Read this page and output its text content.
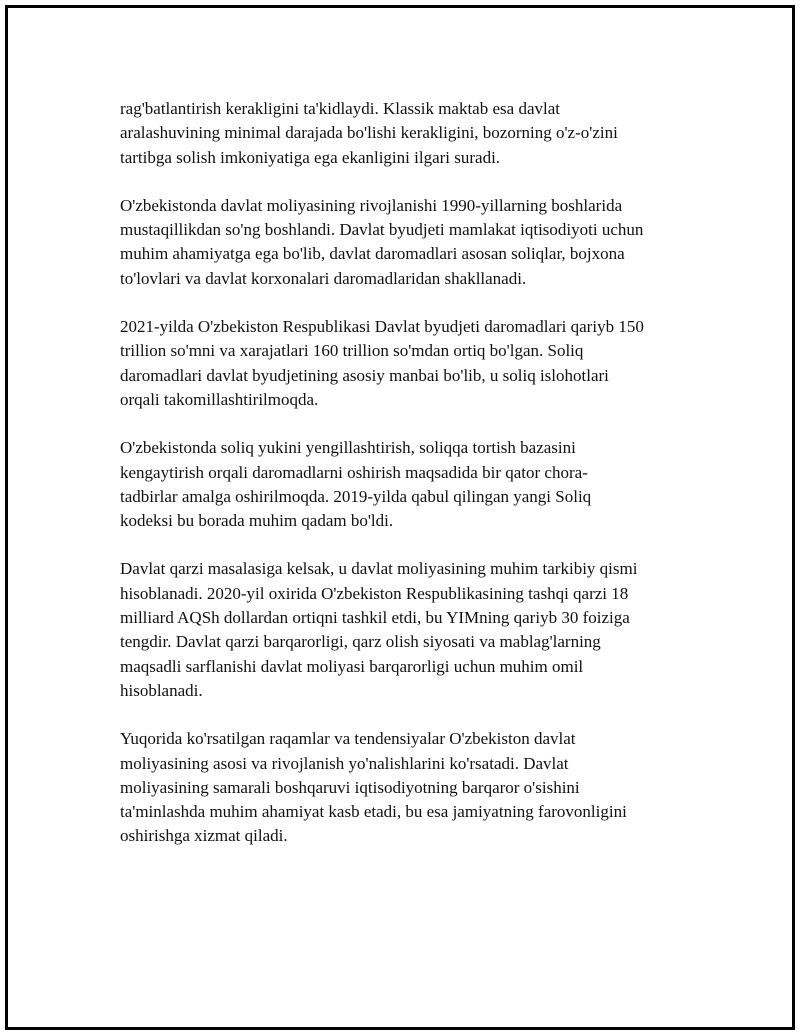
rag'batlantirish kerakligini ta'kidlaydi. Klassik maktab esa davlat
aralashuvining minimal darajada bo'lishi kerakligini, bozorning o'z-o'zini
tartibga solish imkoniyatiga ega ekanligini ilgari suradi.

O'zbekistonda davlat moliyasining rivojlanishi 1990-yillarning boshlarida
mustaqillikdan so'ng boshlandi. Davlat byudjeti mamlakat iqtisodiyoti uchun
muhim ahamiyatga ega bo'lib, davlat daromadlari asosan soliqlar, bojxona
to'lovlari va davlat korxonalari daromadlaridan shakllanadi.

2021-yilda O'zbekiston Respublikasi Davlat byudjeti daromadlari qariyb 150
trillion so'mni va xarajatlari 160 trillion so'mdan ortiq bo'lgan. Soliq
daromadlari davlat byudjetining asosiy manbai bo'lib, u soliq islohotlari
orqali takomillashtirilmoqda.

O'zbekistonda soliq yukini yengillashtirish, soliqqa tortish bazasini
kengaytirish orqali daromadlarni oshirish maqsadida bir qator chora-
tadbirlar amalga oshirilmoqda. 2019-yilda qabul qilingan yangi Soliq
kodeksi bu borada muhim qadam bo'ldi.

Davlat qarzi masalasiga kelsak, u davlat moliyasining muhim tarkibiy qismi
hisoblanadi. 2020-yil oxirida O'zbekiston Respublikasining tashqi qarzi 18
milliard AQSh dollardan ortiqni tashkil etdi, bu YIMning qariyb 30 foiziga
tengdir. Davlat qarzi barqarorligi, qarz olish siyosati va mablag'larning
maqsadli sarflanishi davlat moliyasi barqarorligi uchun muhim omil
hisoblanadi.

Yuqorida ko'rsatilgan raqamlar va tendensiyalar O'zbekiston davlat
moliyasining asosi va rivojlanish yo'nalishlarini ko'rsatadi. Davlat
moliyasining samarali boshqaruvi iqtisodiyotning barqaror o'sishini
ta'minlashda muhim ahamiyat kasb etadi, bu esa jamiyatning farovonligini
oshirishga xizmat qiladi.
